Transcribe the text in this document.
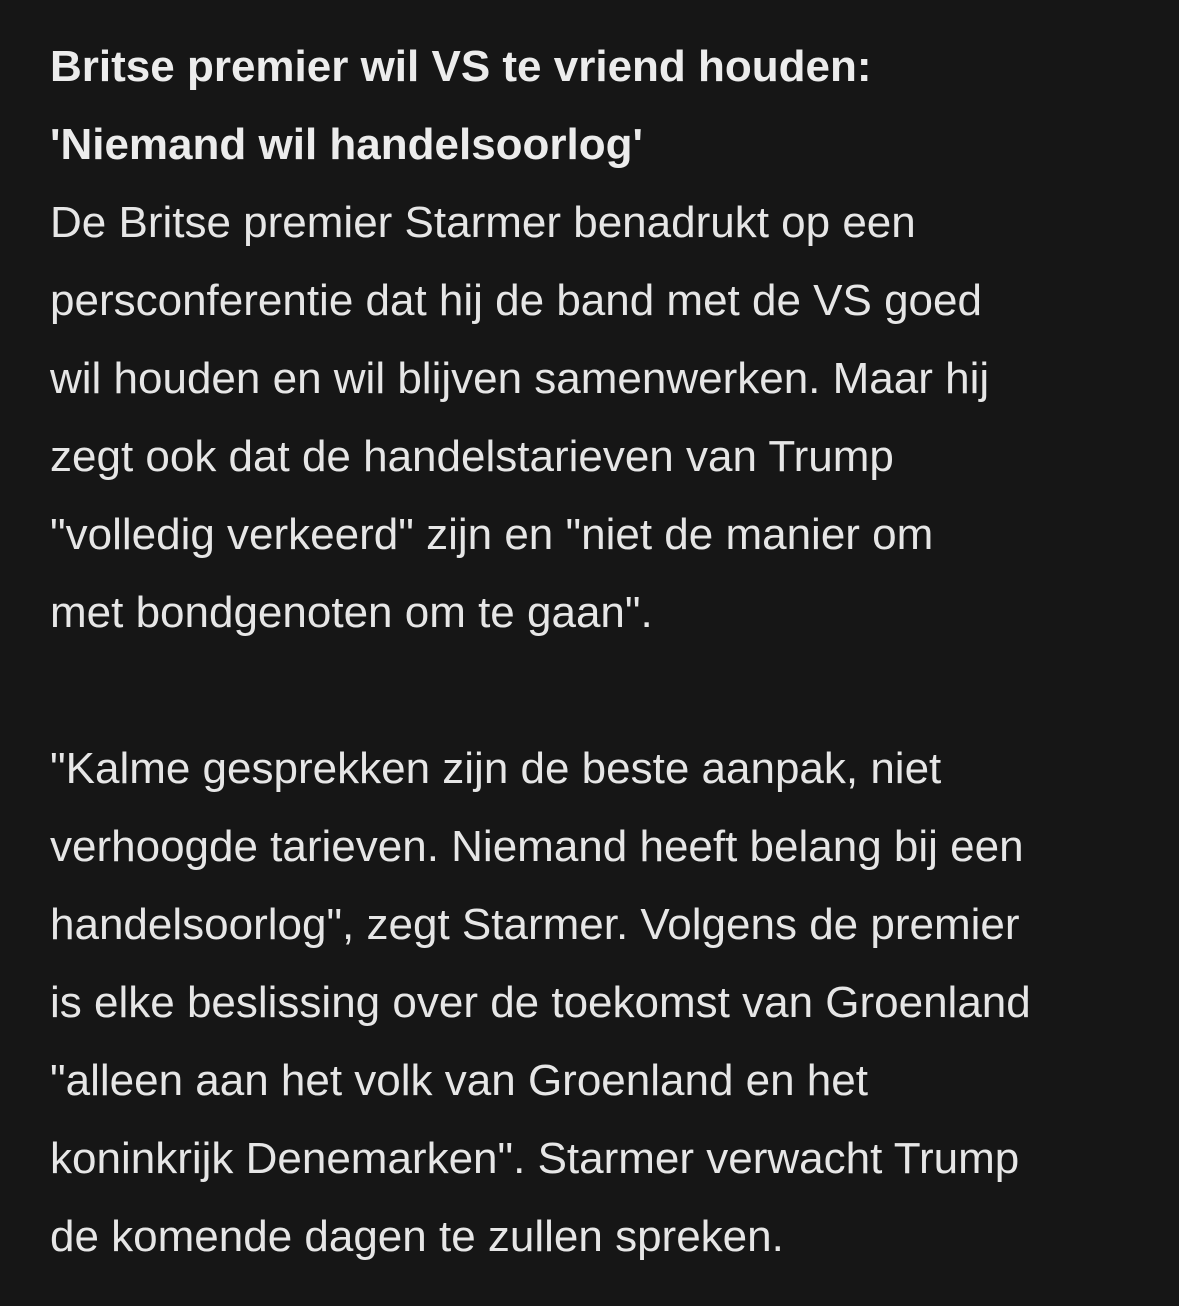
Britse premier wil VS te vriend houden:
'Niemand wil handelsoorlog'

De Britse premier Starmer benadrukt op een
persconferentie dat hij de band met de VS goed
wil houden en wil blijven samenwerken. Maar hij
zegt ook dat de handelstarieven van Trump
"volledig verkeerd" zijn en "niet de manier om
met bondgenoten om te gaan".

"Kalme gesprekken zijn de beste aanpak, niet
verhoogde tarieven. Niemand heeft belang bij een
handelsoorlog", zegt Starmer. Volgens de premier
is elke beslissing over de toekomst van Groenland
"alleen aan het volk van Groenland en het
koninkrijk Denemarken". Starmer verwacht Trump
de komende dagen te zullen spreken.
